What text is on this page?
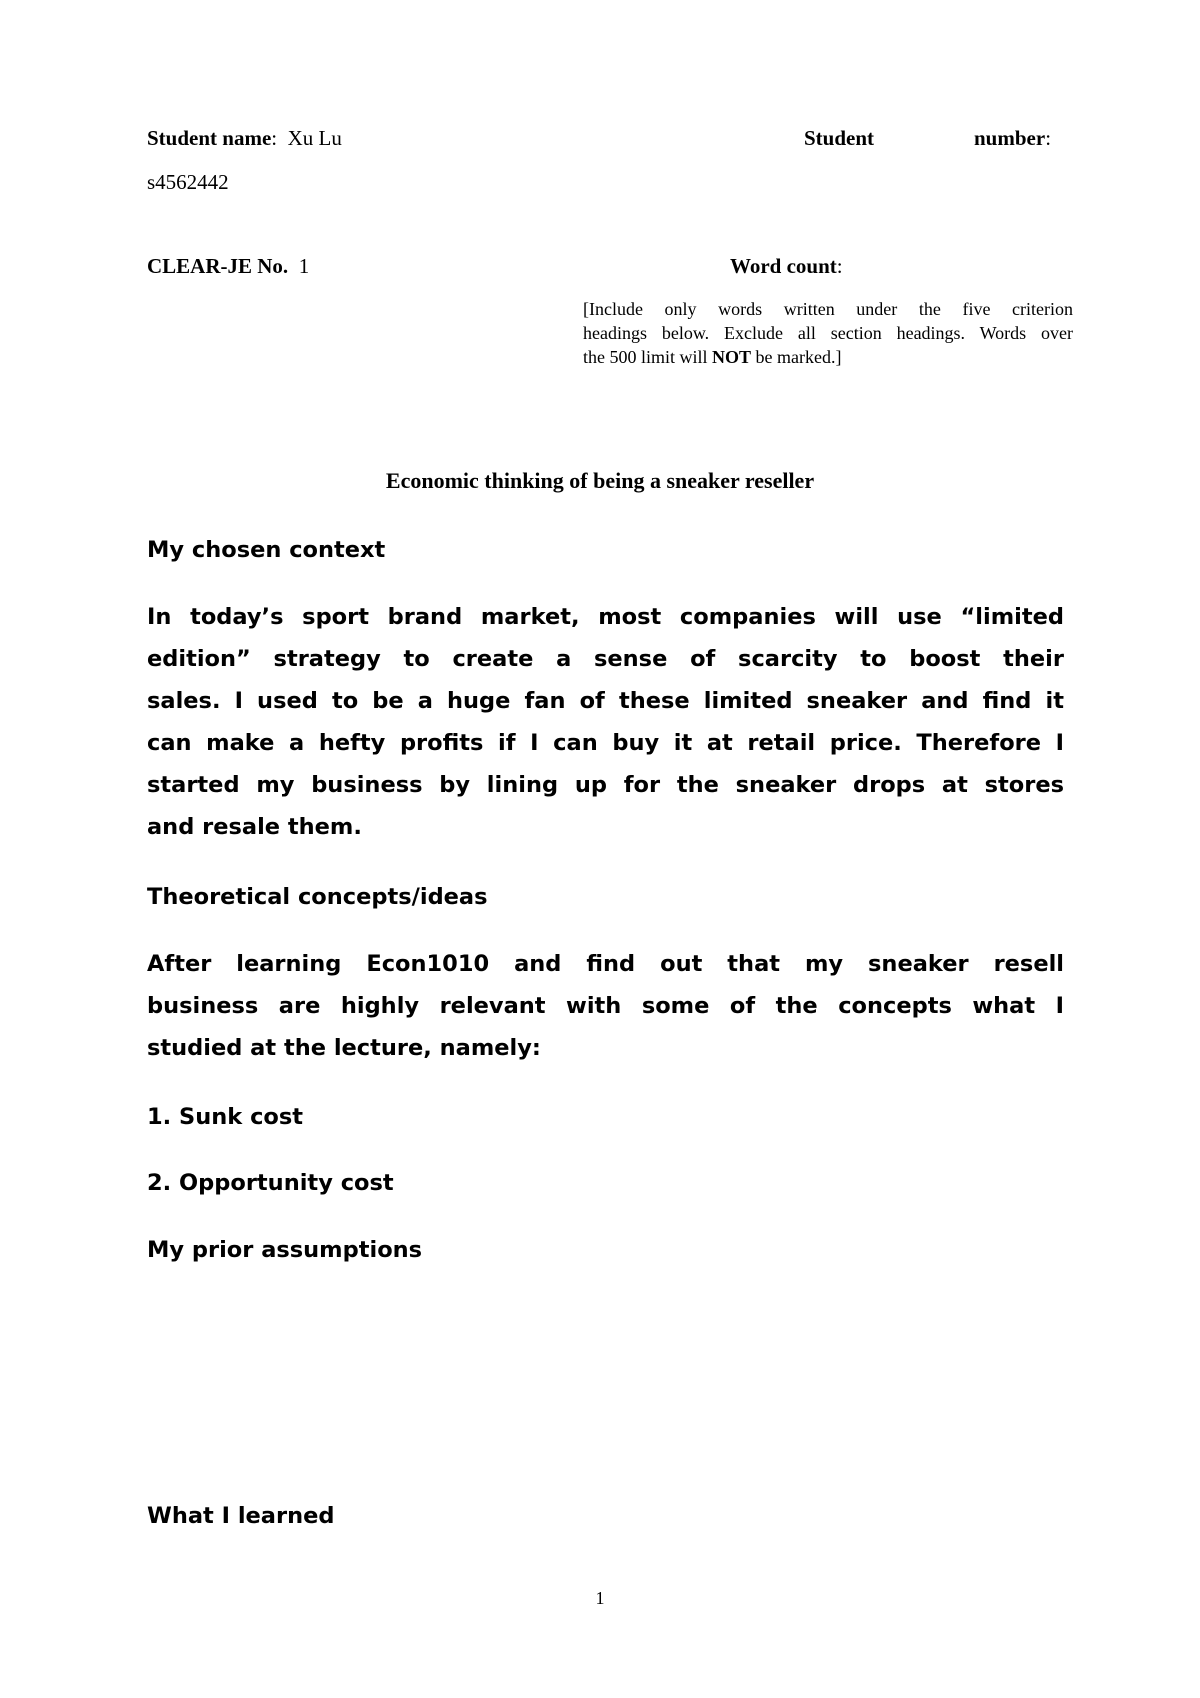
Student name: Xu Lu	Student	number:
s4562442
CLEAR-JE No. 1	Word count:
[Include only words written under the five criterion
headings below. Exclude all section headings. Words over
the 500 limit will NOT be marked.]
Economic thinking of being a sneaker reseller
My chosen context
In today’s sport brand market, most companies will use “limited
edition” strategy to create a sense of scarcity to boost their
sales. I used to be a huge fan of these limited sneaker and find it
can make a hefty profits if I can buy it at retail price. Therefore I
started my business by lining up for the sneaker drops at stores
and resale them.
Theoretical concepts/ideas
After learning Econ1010 and find out that my sneaker resell
business are highly relevant with some of the concepts what I
studied at the lecture, namely:
1. Sunk cost
2. Opportunity cost
My prior assumptions
What I learned
1
